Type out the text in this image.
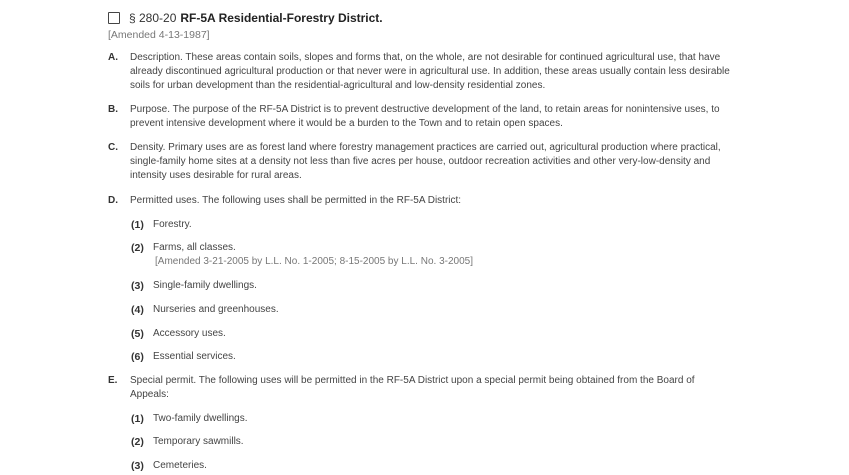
§ 280-20 RF-5A Residential-Forestry District.
[Amended 4-13-1987]
A. Description. These areas contain soils, slopes and forms that, on the whole, are not desirable for continued agricultural use, that have already discontinued agricultural production or that never were in agricultural use. In addition, these areas usually contain less desirable soils for urban development than the residential-agricultural and low-density residential zones.
B. Purpose. The purpose of the RF-5A District is to prevent destructive development of the land, to retain areas for nonintensive uses, to prevent intensive development where it would be a burden to the Town and to retain open spaces.
C. Density. Primary uses are as forest land where forestry management practices are carried out, agricultural production where practical, single-family home sites at a density not less than five acres per house, outdoor recreation activities and other very-low-density and intensity uses desirable for rural areas.
D. Permitted uses. The following uses shall be permitted in the RF-5A District:
(1) Forestry.
(2) Farms, all classes.
[Amended 3-21-2005 by L.L. No. 1-2005; 8-15-2005 by L.L. No. 3-2005]
(3) Single-family dwellings.
(4) Nurseries and greenhouses.
(5) Accessory uses.
(6) Essential services.
E. Special permit. The following uses will be permitted in the RF-5A District upon a special permit being obtained from the Board of Appeals:
(1) Two-family dwellings.
(2) Temporary sawmills.
(3) Cemeteries.
